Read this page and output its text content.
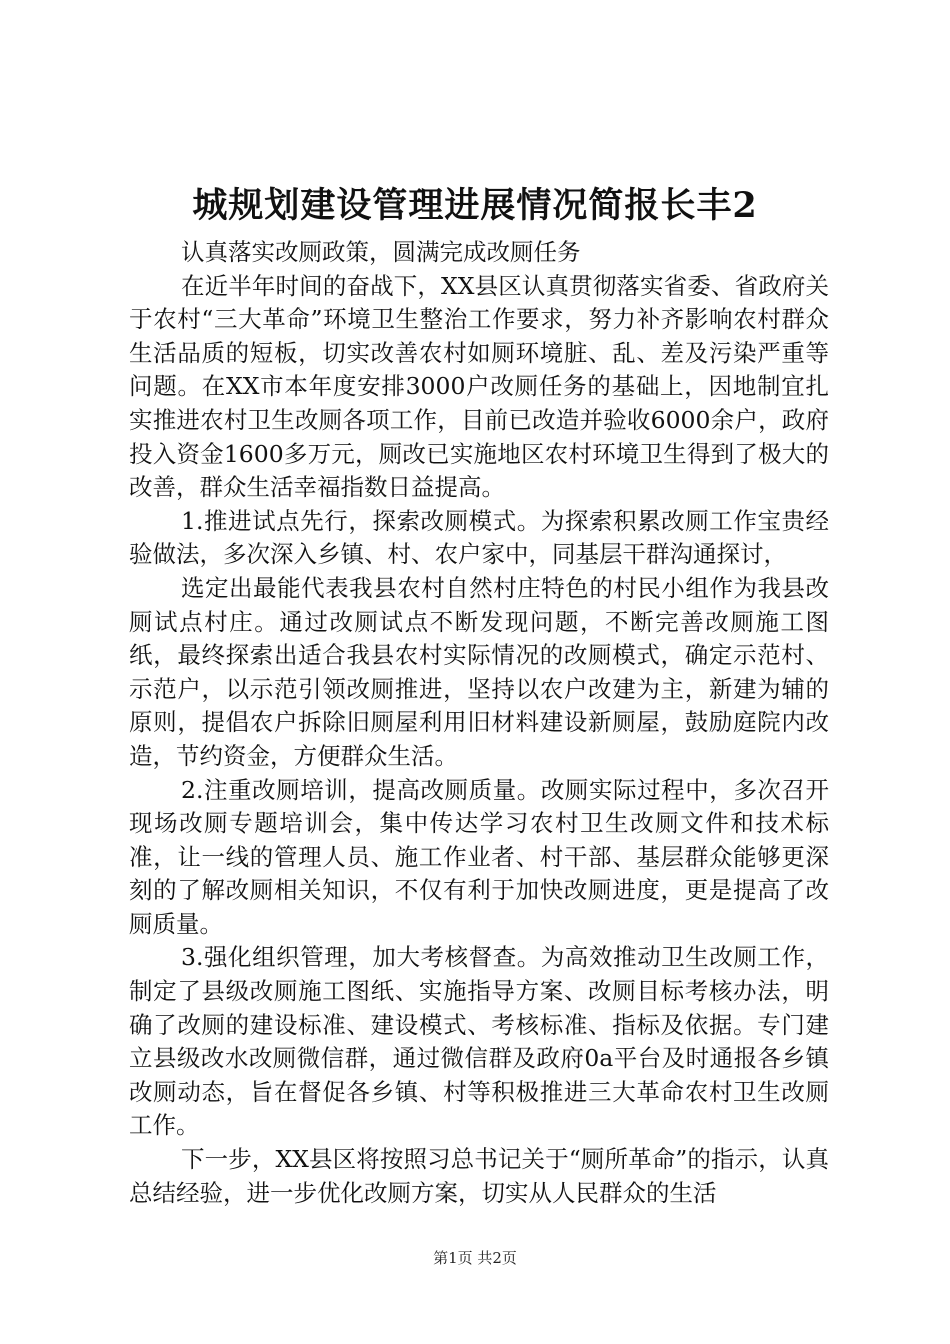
城规划建设管理进展情况简报长丰2

认真落实改厕政策，圆满完成改厕任务

在近半年时间的奋战下，XX县区认真贯彻落实省委、省政府关于农村“三大革命”环境卫生整治工作要求，努力补齐影响农村群众生活品质的短板，切实改善农村如厕环境脏、乱、差及污染严重等问题。在XX市本年度安排3000户改厕任务的基础上，因地制宜扎实推进农村卫生改厕各项工作，目前已改造并验收6000余户，政府投入资金1600多万元，厕改已实施地区农村环境卫生得到了极大的改善，群众生活幸福指数日益提高。

1.推进试点先行，探索改厕模式。为探索积累改厕工作宝贵经验做法，多次深入乡镇、村、农户家中，同基层干群沟通探讨，

选定出最能代表我县农村自然村庄特色的村民小组作为我县改厕试点村庄。通过改厕试点不断发现问题，不断完善改厕施工图纸，最终探索出适合我县农村实际情况的改厕模式，确定示范村、示范户，以示范引领改厕推进，坚持以农户改建为主，新建为辅的原则，提倡农户拆除旧厕屋利用旧材料建设新厕屋，鼓励庭院内改造，节约资金，方便群众生活。

2.注重改厕培训，提高改厕质量。改厕实际过程中，多次召开现场改厕专题培训会，集中传达学习农村卫生改厕文件和技术标准，让一线的管理人员、施工作业者、村干部、基层群众能够更深刻的了解改厕相关知识，不仅有利于加快改厕进度，更是提高了改厕质量。

3.强化组织管理，加大考核督查。为高效推动卫生改厕工作，制定了县级改厕施工图纸、实施指导方案、改厕目标考核办法，明确了改厕的建设标准、建设模式、考核标准、指标及依据。专门建立县级改水改厕微信群，通过微信群及政府0a平台及时通报各乡镇改厕动态，旨在督促各乡镇、村等积极推进三大革命农村卫生改厕工作。

下一步，XX县区将按照习总书记关于“厕所革命”的指示，认真总结经验，进一步优化改厕方案，切实从人民群众的生活

第1页 共2页
